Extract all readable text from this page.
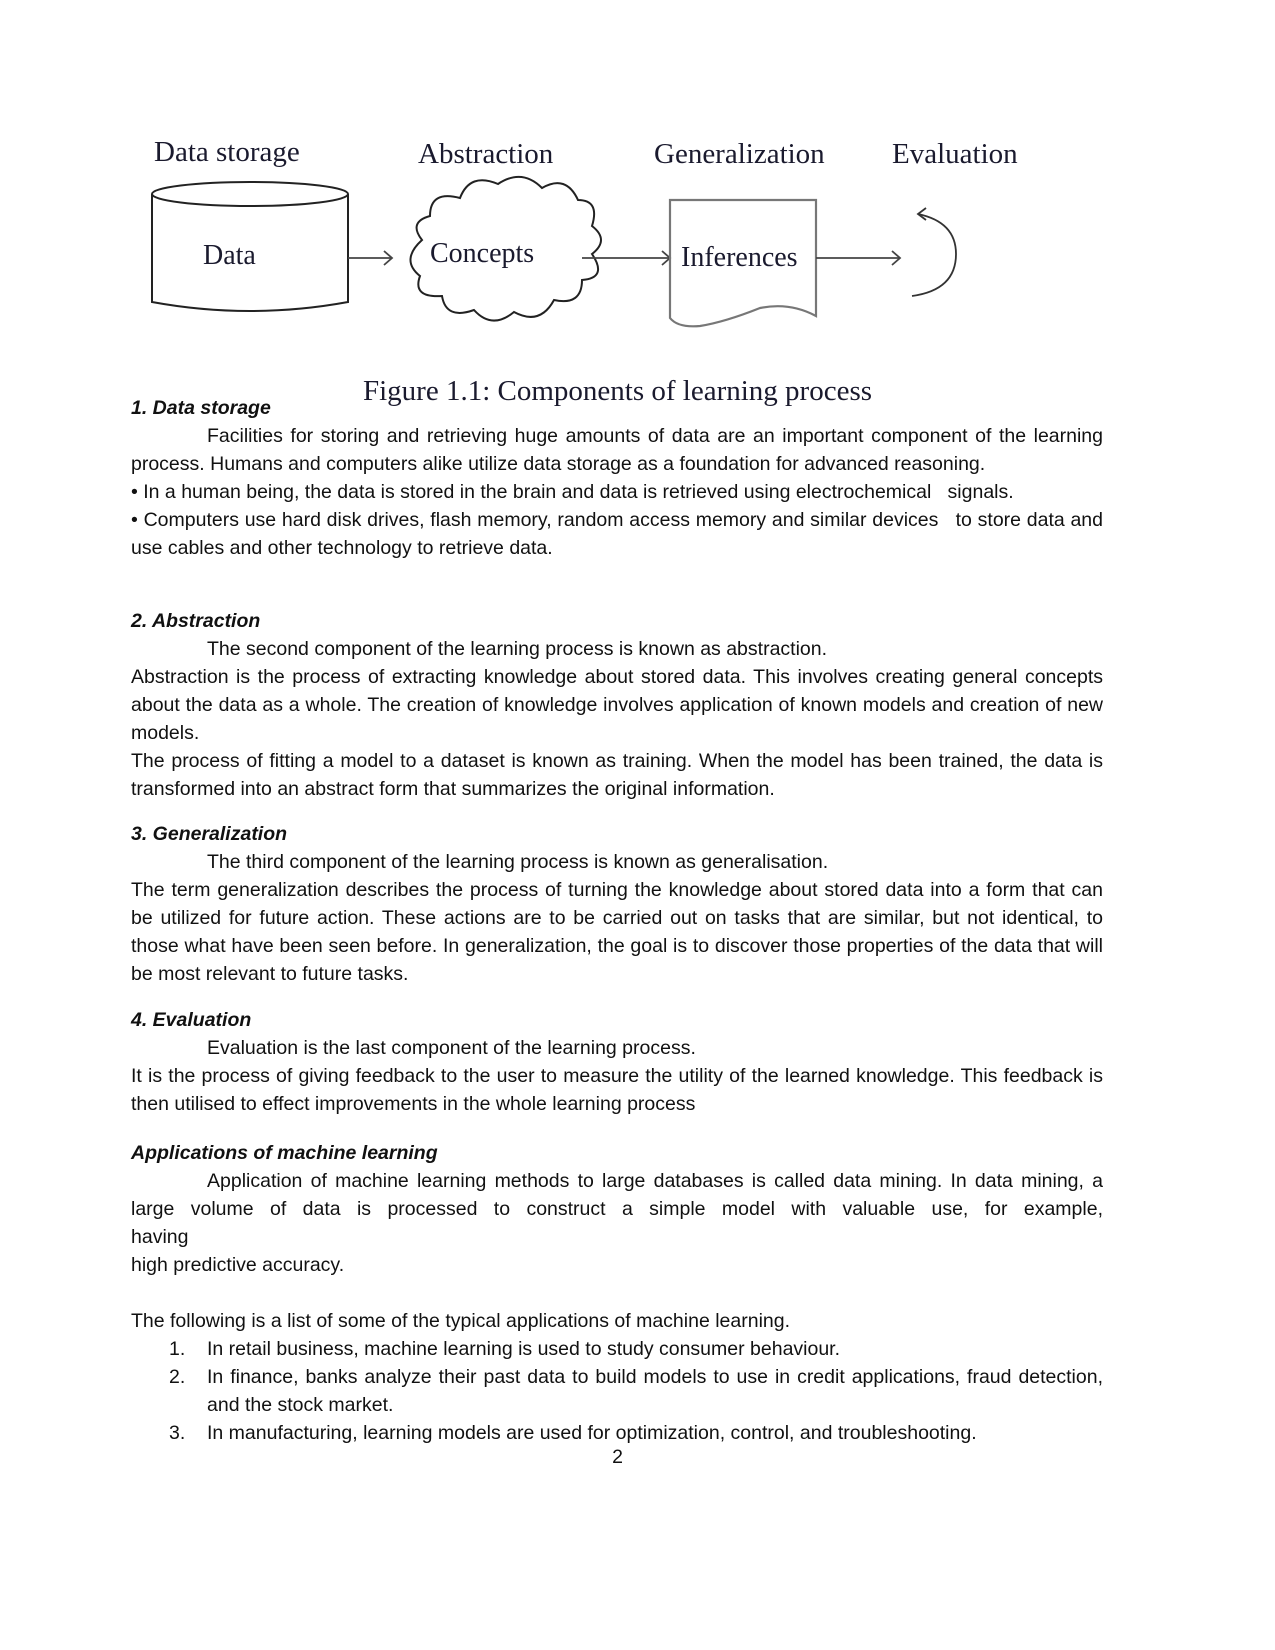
Data storage	Abstraction	Generalization Evaluation
Data	Concepts	Inferences
Figure 1.1: Components of learning process

1. Data storage

Facilities for storing and retrieving huge amounts of data are an important component of the learning process. Humans and computers alike utilize data storage as a foundation for advanced reasoning.

• In a human being, the data is stored in the brain and data is retrieved using electrochemical   signals.

• Computers use hard disk drives, flash memory, random access memory and similar devices   to store data and use cables and other technology to retrieve data.

2. Abstraction

The second component of the learning process is known as abstraction.

Abstraction is the process of extracting knowledge about stored data. This involves creating general concepts about the data as a whole. The creation of knowledge involves application of known models and creation of new models.

The process of fitting a model to a dataset is known as training. When the model has been trained, the data is transformed into an abstract form that summarizes the original information.

3. Generalization

The third component of the learning process is known as generalisation.

The term generalization describes the process of turning the knowledge about stored data into a form that can be utilized for future action. These actions are to be carried out on tasks that are similar, but not identical, to those what have been seen before. In generalization, the goal is to discover those properties of the data that will be most relevant to future tasks.

4. Evaluation

Evaluation is the last component of the learning process.

It is the process of giving feedback to the user to measure the utility of the learned knowledge. This feedback is then utilised to effect improvements in the whole learning process

Applications of machine learning

Application of machine learning methods to large databases is called data mining. In data mining, a large volume of data is processed to construct a simple model with valuable use, for example,

having

high predictive accuracy.

The following is a list of some of the typical applications of machine learning.

1. In retail business, machine learning is used to study consumer behaviour.
2. In finance, banks analyze their past data to build models to use in credit applications, fraud detection, and the stock market.
3. In manufacturing, learning models are used for optimization, control, and troubleshooting.
2
